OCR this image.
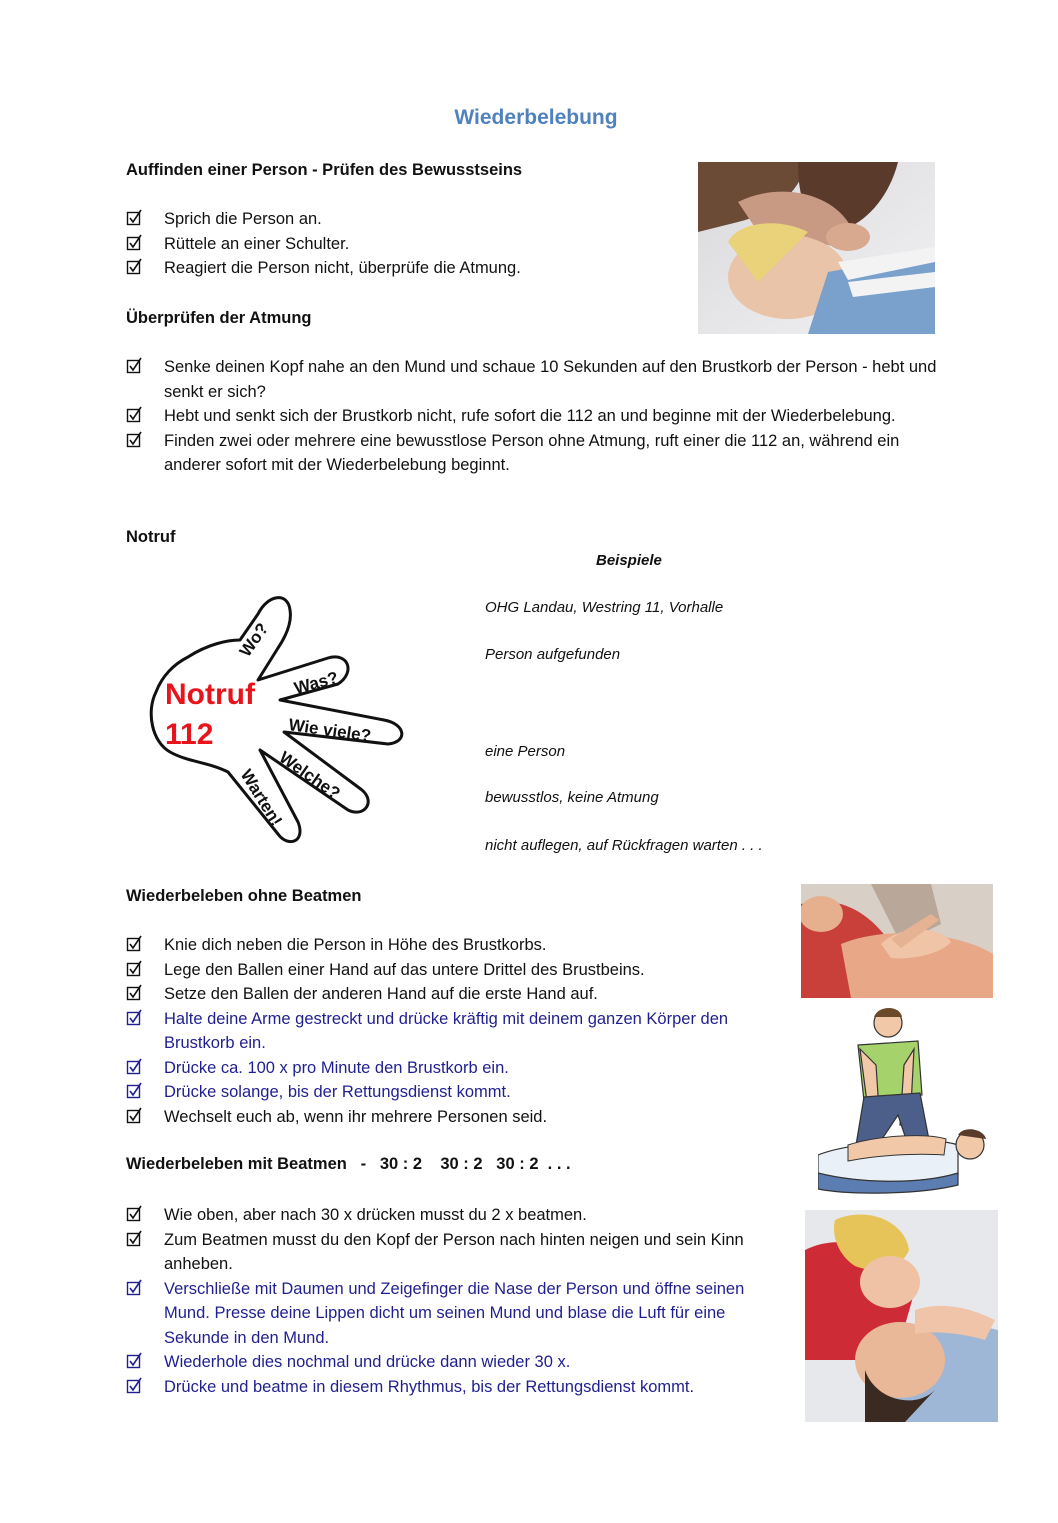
Wiederbelebung
Auffinden einer Person - Prüfen des Bewusstseins
Sprich die Person an.
Rüttele an einer Schulter.
Reagiert die Person nicht, überprüfe die Atmung.
Überprüfen der Atmung
Senke deinen Kopf nahe an den Mund und schaue 10 Sekunden auf den Brustkorb der Person - hebt und senkt er sich?
Hebt und senkt sich der Brustkorb nicht, rufe sofort die 112 an und beginne mit der Wiederbelebung.
Finden zwei oder mehrere eine bewusstlose Person ohne Atmung, ruft einer die 112 an, während ein anderer sofort mit der Wiederbelebung beginnt.
Notruf
Beispiele
OHG Landau, Westring 11, Vorhalle
Person aufgefunden
eine Person
bewusstlos, keine Atmung
nicht auflegen, auf Rückfragen warten . . .
Notruf
112
Wo?
Was?
Wie viele?
Welche?
Warten!
Wiederbeleben ohne Beatmen
Knie dich neben die Person in Höhe des Brustkorbs.
Lege den Ballen einer Hand auf das untere Drittel des Brustbeins.
Setze den Ballen der anderen Hand auf die erste Hand auf.
Halte deine Arme gestreckt und drücke kräftig mit deinem ganzen Körper den Brustkorb ein.
Drücke ca. 100 x pro Minute den Brustkorb ein.
Drücke solange, bis der Rettungsdienst kommt.
Wechselt euch ab, wenn ihr mehrere Personen seid.
Wiederbeleben mit Beatmen   -   30 : 2    30 : 2   30 : 2  . . .
Wie oben, aber nach 30 x drücken musst du 2 x beatmen.
Zum Beatmen musst du den Kopf der Person nach hinten neigen und sein Kinn anheben.
Verschließe mit Daumen und Zeigefinger die Nase der Person und öffne seinen Mund. Presse deine Lippen dicht um seinen Mund und blase die Luft für eine Sekunde in den Mund.
Wiederhole dies nochmal und drücke dann wieder 30 x.
Drücke und beatme in diesem Rhythmus, bis der Rettungsdienst kommt.
